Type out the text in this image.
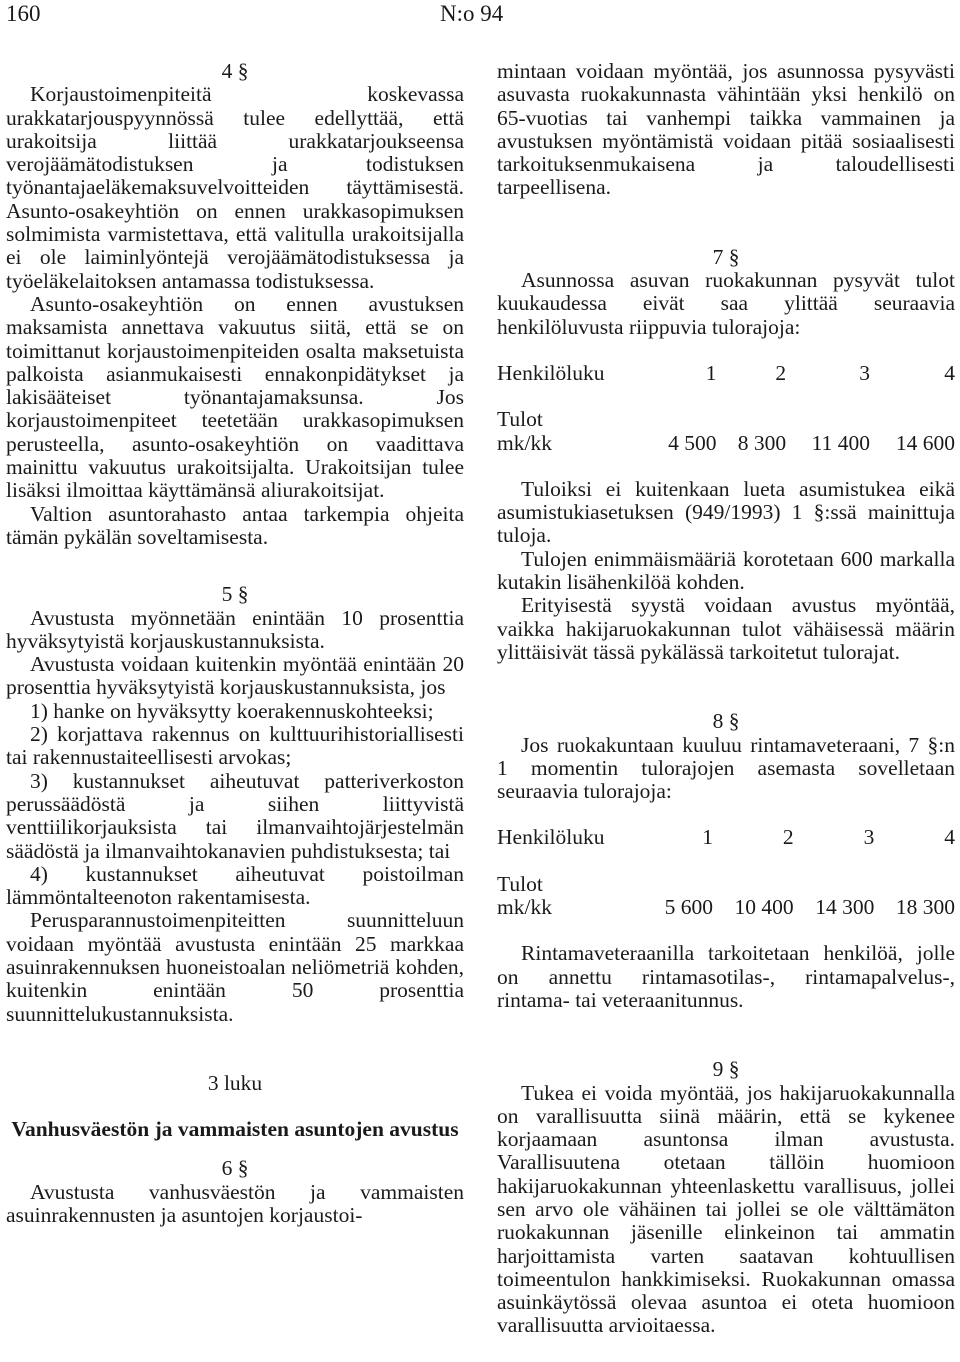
160	N:o 94

4 §

Korjaustoimenpiteitä koskevassa urakkatarjouspyynnössä tulee edellyttää, että urakoitsija liittää urakkatarjoukseensa verojäämätodistuksen ja todistuksen työnantajaeläkemaksuvelvoitteiden täyttämisestä. Asunto-osakeyhtiön on ennen urakkasopimuksen solmimista varmistettava, että valitulla urakoitsijalla ei ole laiminlyöntejä verojäämätodistuksessa ja työeläkelaitoksen antamassa todistuksessa.

Asunto-osakeyhtiön on ennen avustuksen maksamista annettava vakuutus siitä, että se on toimittanut korjaustoimenpiteiden osalta maksetuista palkoista asianmukaisesti ennakonpidätykset ja lakisääteiset työnantajamaksunsa. Jos korjaustoimenpiteet teetetään urakkasopimuksen perusteella, asunto-osakeyhtiön on vaadittava mainittu vakuutus urakoitsijalta. Urakoitsijan tulee lisäksi ilmoittaa käyttämänsä aliurakoitsijat.

Valtion asuntorahasto antaa tarkempia ohjeita tämän pykälän soveltamisesta.

5 §

Avustusta myönnetään enintään 10 prosenttia hyväksytyistä korjauskustannuksista.

Avustusta voidaan kuitenkin myöntää enintään 20 prosenttia hyväksytyistä korjauskustannuksista, jos

1) hanke on hyväksytty koerakennuskohteeksi;

2) korjattava rakennus on kulttuurihistoriallisesti tai rakennustaiteellisesti arvokas;

3) kustannukset aiheutuvat patteriverkoston perussäädöstä ja siihen liittyvistä venttiilikorjauksista tai ilmanvaihtojärjestelmän säädöstä ja ilmanvaihtokanavien puhdistuksesta; tai

4) kustannukset aiheutuvat poistoilman lämmöntalteenoton rakentamisesta.

Perusparannustoimenpiteitten suunnitteluun voidaan myöntää avustusta enintään 25 markkaa asuinrakennuksen huoneistoalan neliömetriä kohden, kuitenkin enintään 50 prosenttia suunnittelukustannuksista.

3 luku

Vanhusväestön ja vammaisten asuntojen avustus

6 §

Avustusta vanhusväestön ja vammaisten asuinrakennusten ja asuntojen korjaustoi-

mintaan voidaan myöntää, jos asunnossa pysyvästi asuvasta ruokakunnasta vähintään yksi henkilö on 65-vuotias tai vanhempi taikka vammainen ja avustuksen myöntämistä voidaan pitää sosiaalisesti tarkoituksenmukaisena ja taloudellisesti tarpeellisena.

7 §

Asunnossa asuvan ruokakunnan pysyvät tulot kuukaudessa eivät saa ylittää seuraavia henkilöluvusta riippuvia tulorajoja:

Henkilöluku	1	2	3	4

Tulot				
mk/kk	4 500	8 300	11 400	14 600

Tuloiksi ei kuitenkaan lueta asumistukea eikä asumistukiasetuksen (949/1993) 1 §:ssä mainittuja tuloja.

Tulojen enimmäismääriä korotetaan 600 markalla kutakin lisähenkilöä kohden.

Erityisestä syystä voidaan avustus myöntää, vaikka hakijaruokakunnan tulot vähäisessä määrin ylittäisivät tässä pykälässä tarkoitetut tulorajat.

8 §

Jos ruokakuntaan kuuluu rintamaveteraani, 7 §:n 1 momentin tulorajojen asemasta sovelletaan seuraavia tulorajoja:

Henkilöluku	1	2	3	4

Tulot				
mk/kk	5 600	10 400	14 300	18 300

Rintamaveteraanilla tarkoitetaan henkilöä, jolle on annettu rintamasotilas-, rintamapalvelus-, rintama- tai veteraanitunnus.

9 §

Tukea ei voida myöntää, jos hakijaruokakunnalla on varallisuutta siinä määrin, että se kykenee korjaamaan asuntonsa ilman avustusta. Varallisuutena otetaan tällöin huomioon hakijaruokakunnan yhteenlaskettu varallisuus, jollei sen arvo ole vähäinen tai jollei se ole välttämäton ruokakunnan jäsenille elinkeinon tai ammatin harjoittamista varten saatavan kohtuullisen toimeentulon hankkimiseksi. Ruokakunnan omassa asuinkäytössä olevaa asuntoa ei oteta huomioon varallisuutta arvioitaessa.
